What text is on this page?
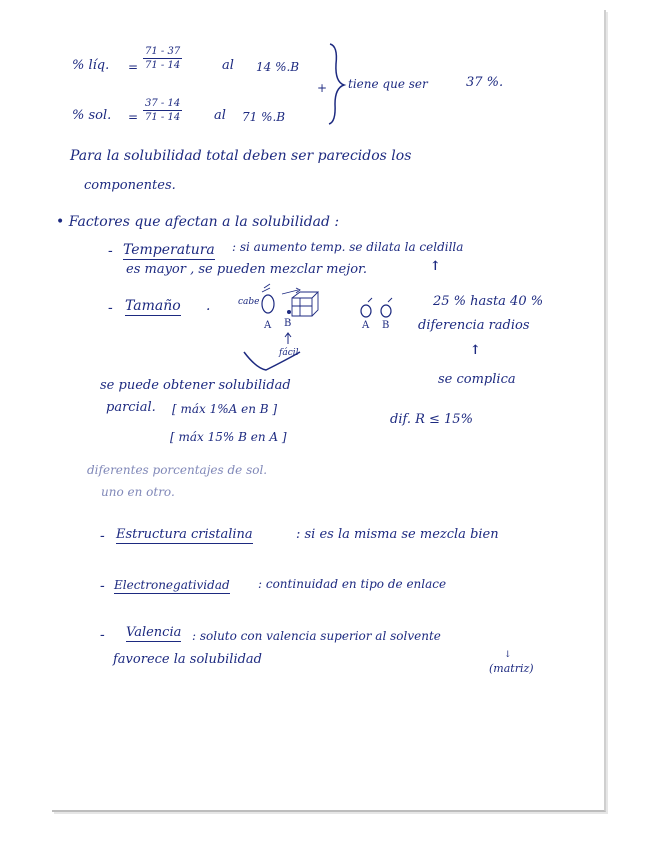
% líq. = $\frac{71 - 37}{71 - 14}$	al 14 %.B
% sol. = $\frac{37 - 14}{71 - 14}$ al 71 %.B
+ tiene que ser	37 %.
Para la solubilidad total deben ser parecidos los
componentes.
• Factores que afectan a la solubilidad :
- Temperatura : si aumento temp. se dilata la celdilla
es mayor , se pueden mezclar mejor.	↑
- Tamaño .	cabe
A B
fácil
A B
25 % hasta 40 %
diferencia radios
↑
se complica
se puede obtener solubilidad
parcial. [ máx 1%A en B ]
[ máx 15% B en A ]
dif. R ≤ 15%
diferentes porcentajes de sol.
uno en otro.
- Estructura cristalina	: si es la misma se mezcla bien
- Electronegatividad : continuidad en tipo de enlace
- Valencia : soluto con valencia superior al solvente
favorece la solubilidad	↓
(matriz)
